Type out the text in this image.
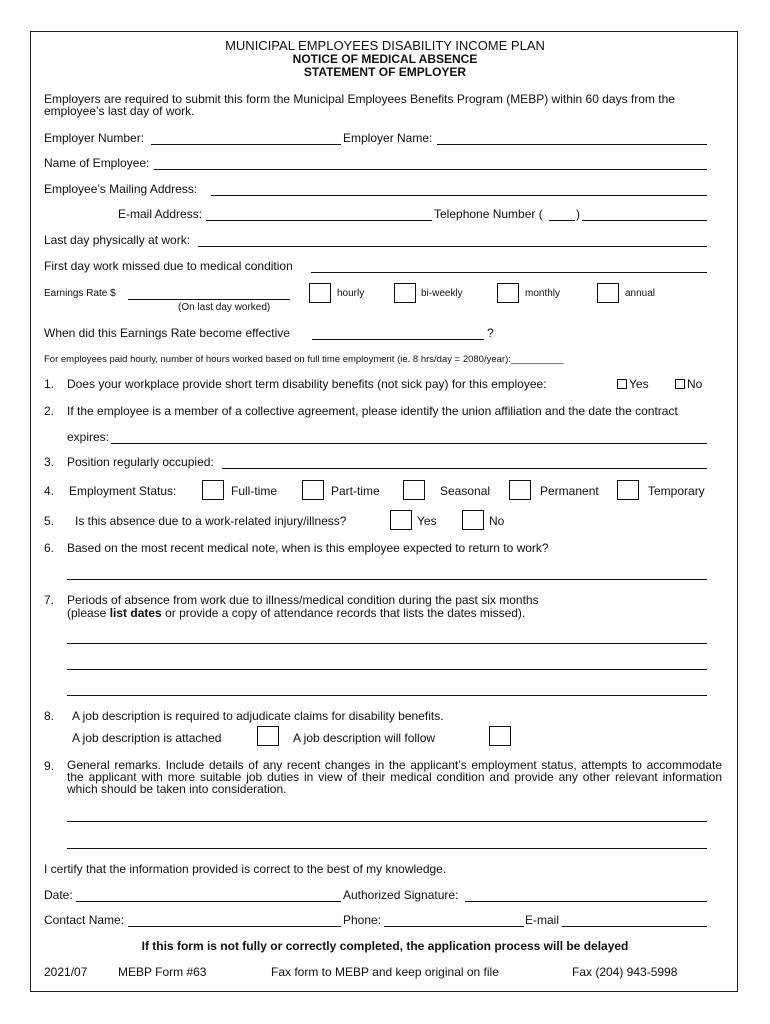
MUNICIPAL EMPLOYEES DISABILITY INCOME PLAN
NOTICE OF MEDICAL ABSENCE
STATEMENT OF EMPLOYER
Employers are required to submit this form the Municipal Employees Benefits Program (MEBP) within 60 days from the employee’s last day of work.
Employer Number:	Employer Name:
Name of Employee:
Employee’s Mailing Address:
E-mail Address:	Telephone Number (	)
Last day physically at work:
First day work missed due to medical condition
Earnings Rate $
(On last day worked)
hourly	bi-weekly	monthly	annual
When did this Earnings Rate become effective	?
For employees paid hourly, number of hours worked based on full time employment (ie. 8 hrs/day = 2080/year):__________
1. Does your workplace provide short term disability benefits (not sick pay) for this employee:	Yes	No
2. If the employee is a member of a collective agreement, please identify the union affiliation and the date the contract
expires:
3. Position regularly occupied:
4. Employment Status:	Full-time	Part-time	Seasonal	Permanent	Temporary
5. Is this absence due to a work-related injury/illness?	Yes	No
6. Based on the most recent medical note, when is this employee expected to return to work?
7. Periods of absence from work due to illness/medical condition during the past six months
(please list dates or provide a copy of attendance records that lists the dates missed).
8. A job description is required to adjudicate claims for disability benefits.
A job description is attached	A job description will follow
9. General remarks. Include details of any recent changes in the applicant’s employment status, attempts to accommodate the applicant with more suitable job duties in view of their medical condition and provide any other relevant information which should be taken into consideration.
I certify that the information provided is correct to the best of my knowledge.
Date:	Authorized Signature:
Contact Name:	Phone:	E-mail
If this form is not fully or correctly completed, the application process will be delayed
2021/07	MEBP Form #63	Fax form to MEBP and keep original on file	Fax (204) 943-5998
